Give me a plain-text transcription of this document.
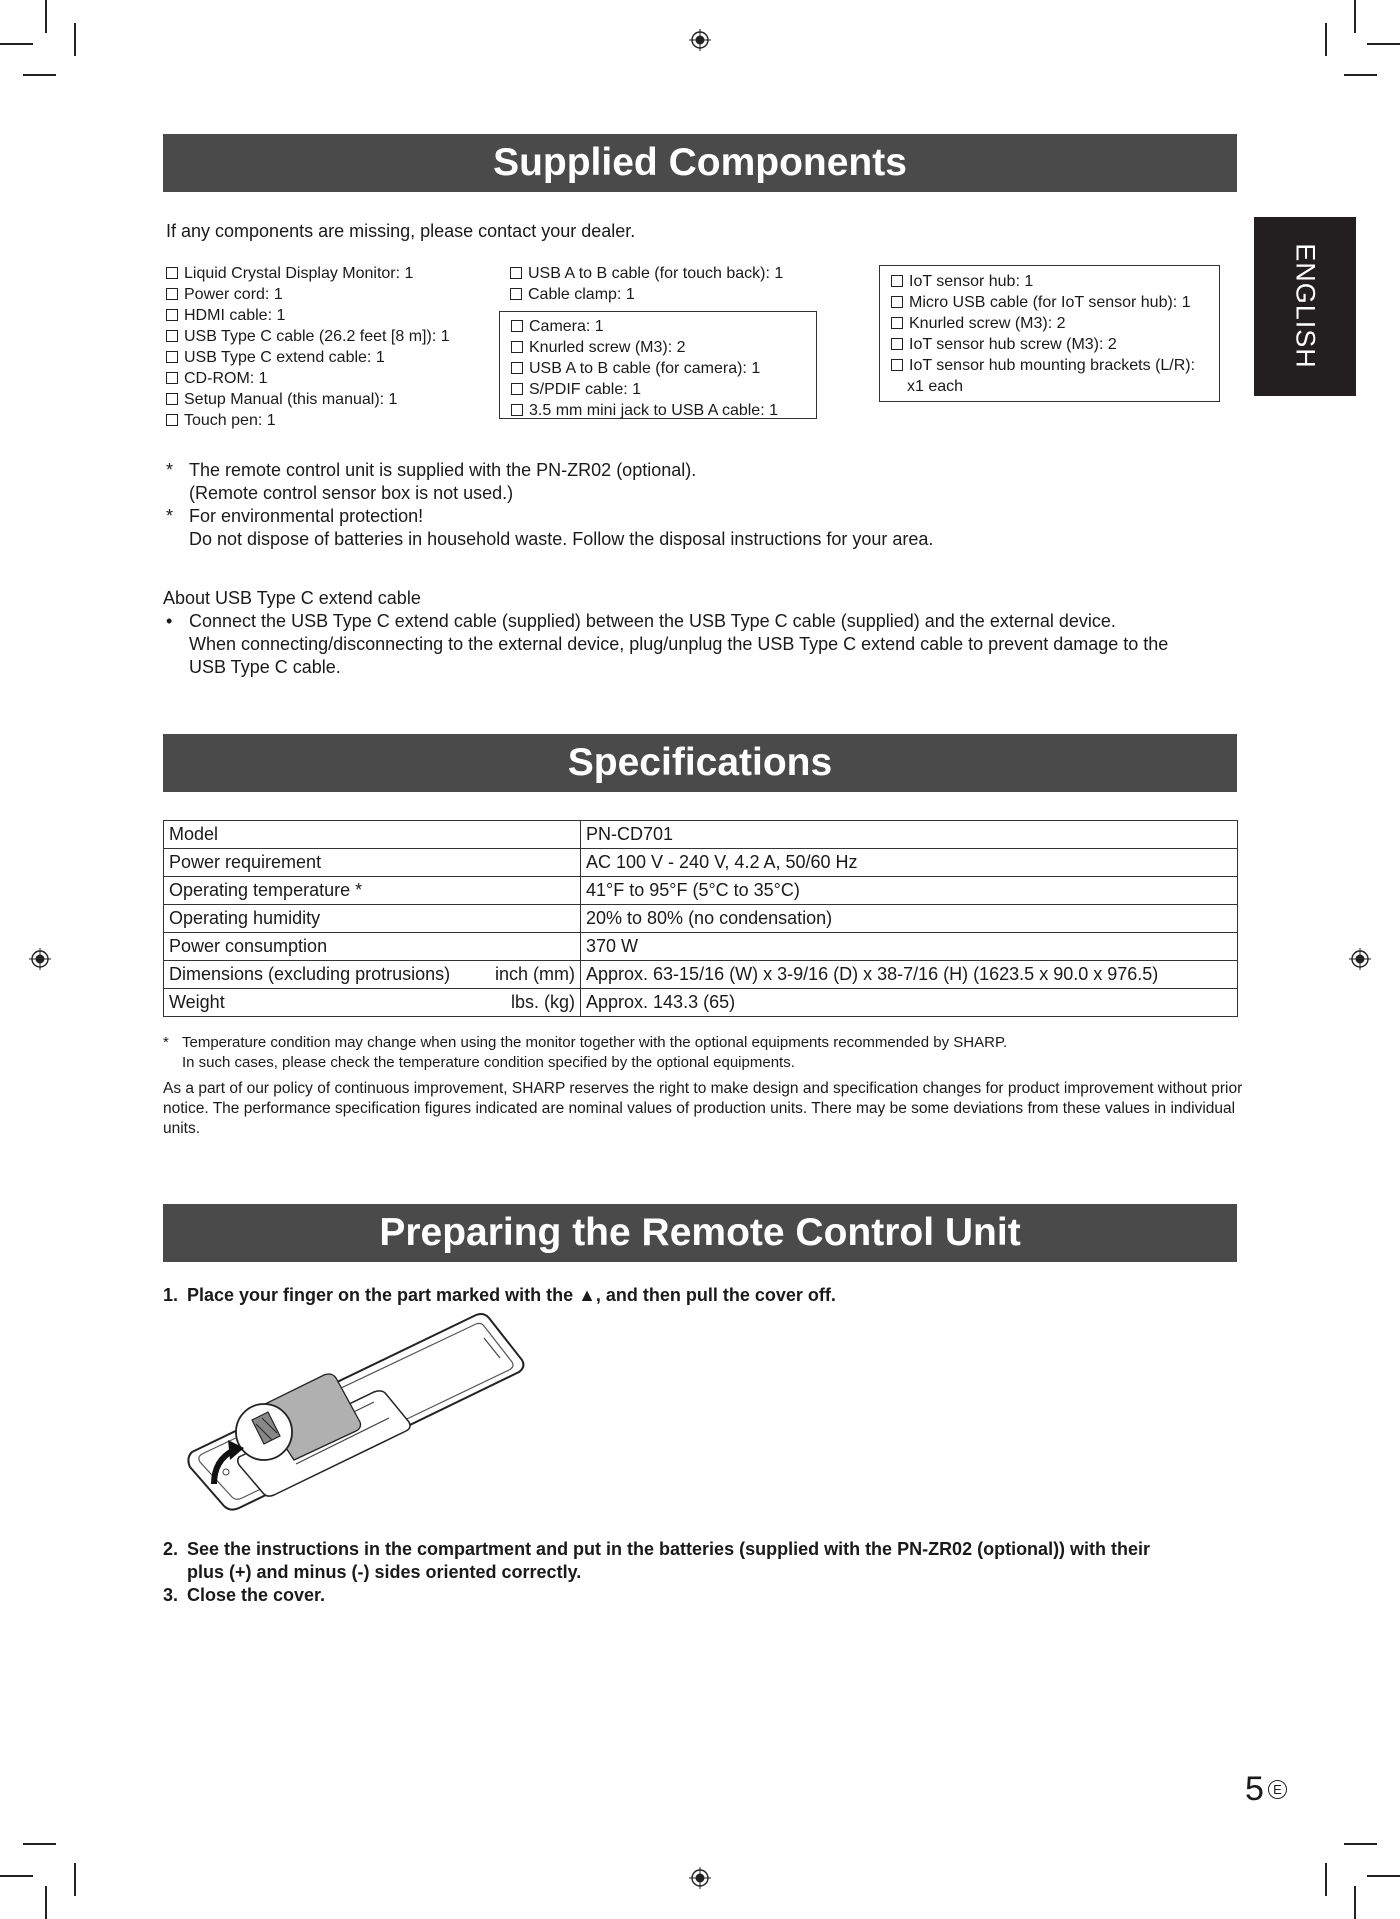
ENGLISH
Supplied Components
If any components are missing, please contact your dealer.
Liquid Crystal Display Monitor: 1
Power cord: 1
HDMI cable: 1
USB Type C cable (26.2 feet [8 m]): 1
USB Type C extend cable: 1
CD-ROM: 1
Setup Manual (this manual): 1
Touch pen: 1
USB A to B cable (for touch back): 1
Cable clamp: 1
Camera: 1
Knurled screw (M3): 2
USB A to B cable (for camera): 1
S/PDIF cable: 1
3.5 mm mini jack to USB A cable: 1
IoT sensor hub: 1
Micro USB cable (for IoT sensor hub): 1
Knurled screw (M3): 2
IoT sensor hub screw (M3): 2
IoT sensor hub mounting brackets (L/R):
x1 each
* The remote control unit is supplied with the PN-ZR02 (optional).
(Remote control sensor box is not used.)
* For environmental protection!
Do not dispose of batteries in household waste. Follow the disposal instructions for your area.
About USB Type C extend cable
• Connect the USB Type C extend cable (supplied) between the USB Type C cable (supplied) and the external device.
When connecting/disconnecting to the external device, plug/unplug the USB Type C extend cable to prevent damage to the
USB Type C cable.
Specifications
Model	PN-CD701
Power requirement	AC 100 V - 240 V, 4.2 A, 50/60 Hz
Operating temperature *	41°F to 95°F (5°C to 35°C)
Operating humidity	20% to 80% (no condensation)
Power consumption	370 W

Dimensions (excluding protrusions) inch (mm)	Approx. 63-15/16 (W) x 3-9/16 (D) x 38-7/16 (H) (1623.5 x 90.0 x 976.5)

Weight lbs. (kg)	Approx. 143.3 (65)
* Temperature condition may change when using the monitor together with the optional equipments recommended by SHARP.
In such cases, please check the temperature condition specified by the optional equipments.
As a part of our policy of continuous improvement, SHARP reserves the right to make design and specification changes for product improvement without prior notice. The performance specification figures indicated are nominal values of production units. There may be some deviations from these values in individual units.
Preparing the Remote Control Unit
1. Place your finger on the part marked with the ▲, and then pull the cover off.
2. See the instructions in the compartment and put in the batteries (supplied with the PN-ZR02 (optional)) with their
plus (+) and minus (-) sides oriented correctly.
3. Close the cover.
5 E
